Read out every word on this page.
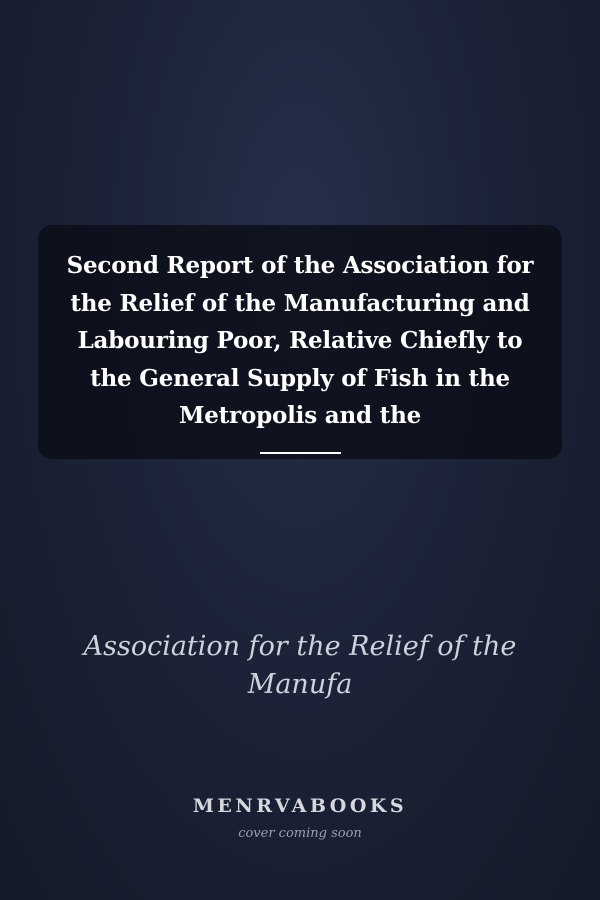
Second Report of the Association for the Relief of the Manufacturing and Labouring Poor, Relative Chiefly to the General Supply of Fish in the Metropolis and the
Association for the Relief of the Manufa
MENRVABOOKS
cover coming soon
